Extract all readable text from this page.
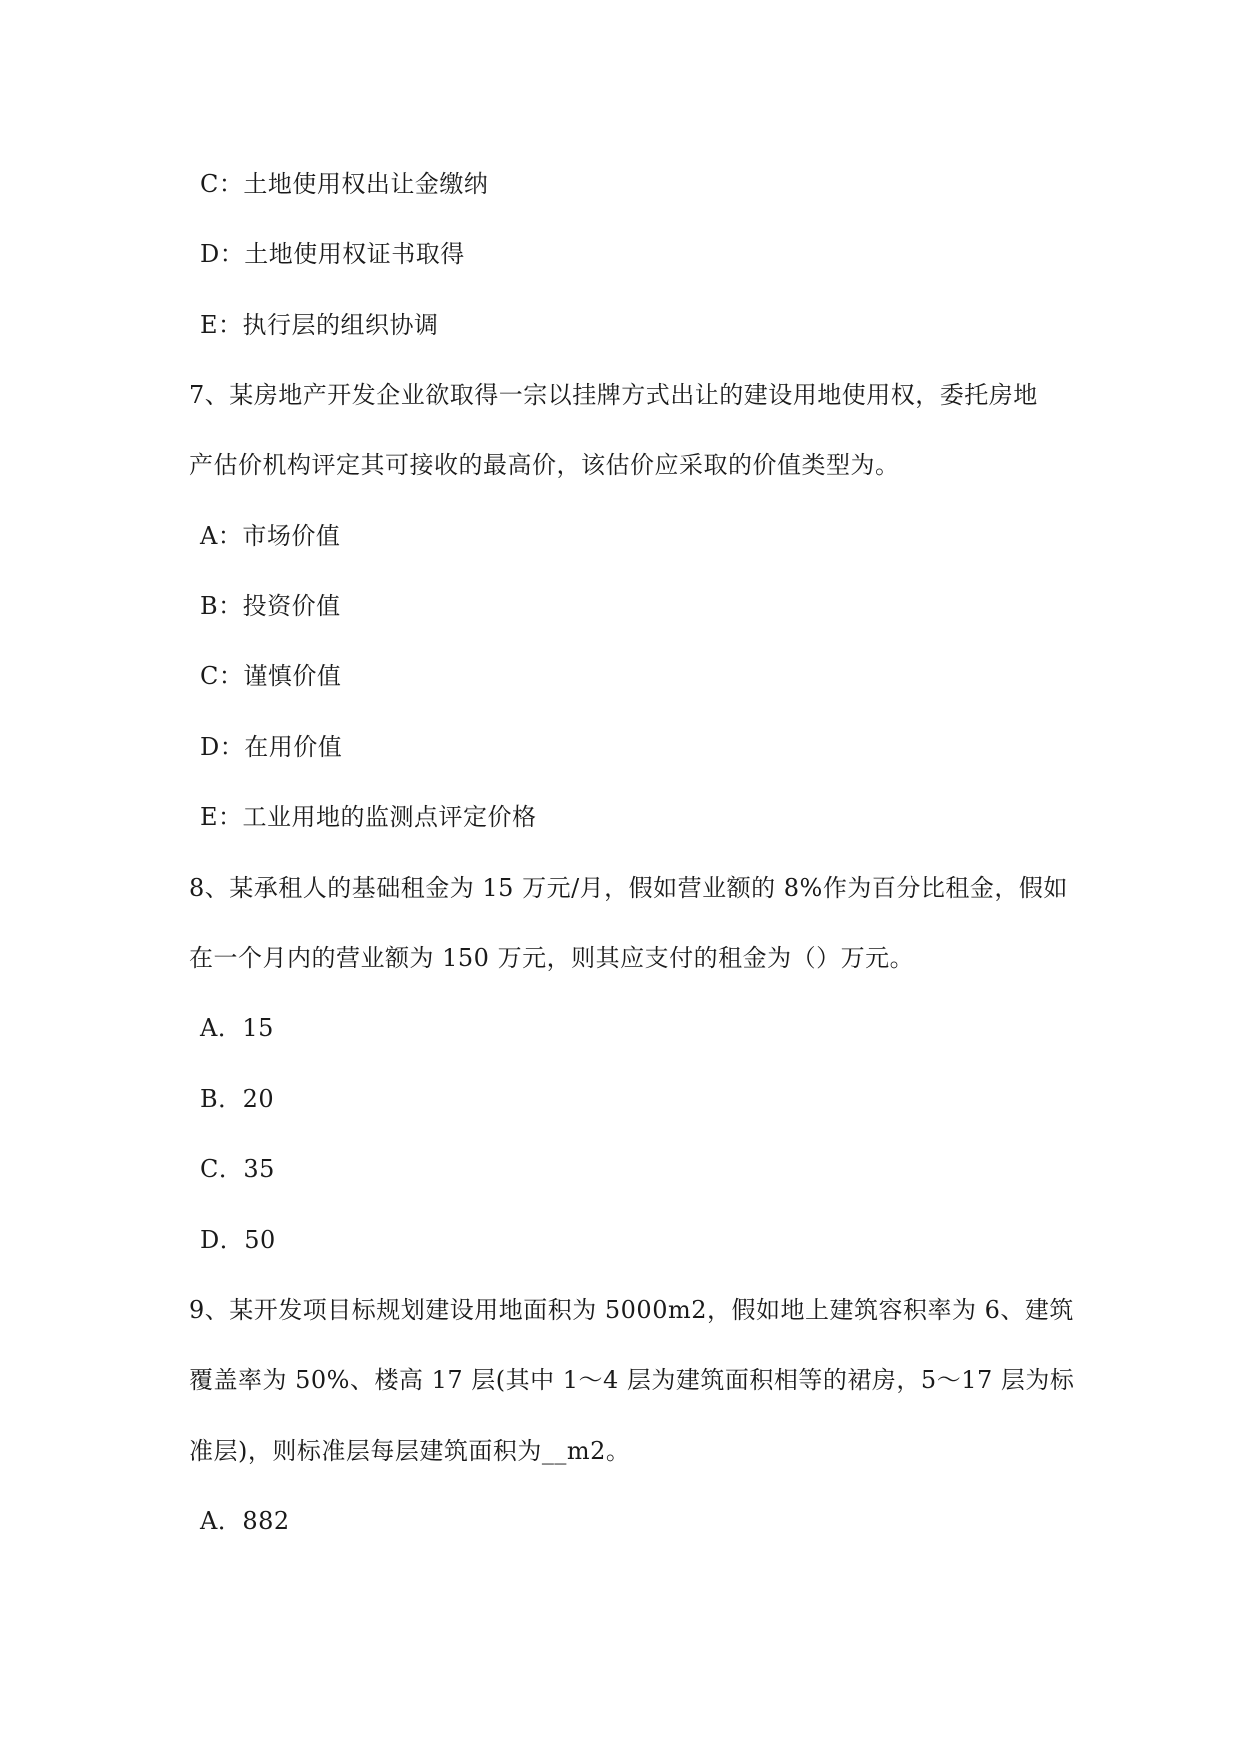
C：土地使用权出让金缴纳
D：土地使用权证书取得
E：执行层的组织协调
7、某房地产开发企业欲取得一宗以挂牌方式出让的建设用地使用权，委托房地
产估价机构评定其可接收的最高价，该估价应采取的价值类型为。
A：市场价值
B：投资价值
C：谨慎价值
D：在用价值
E：工业用地的监测点评定价格
8、某承租人的基础租金为 15 万元/月，假如营业额的 8%作为百分比租金，假如
在一个月内的营业额为 150 万元，则其应支付的租金为（）万元。
A．15
B．20
C．35
D．50
9、某开发项目标规划建设用地面积为 5000m2，假如地上建筑容积率为 6、建筑
覆盖率为 50%、楼高 17 层(其中 1～4 层为建筑面积相等的裙房，5～17 层为标
准层)，则标准层每层建筑面积为__m2。
A．882
